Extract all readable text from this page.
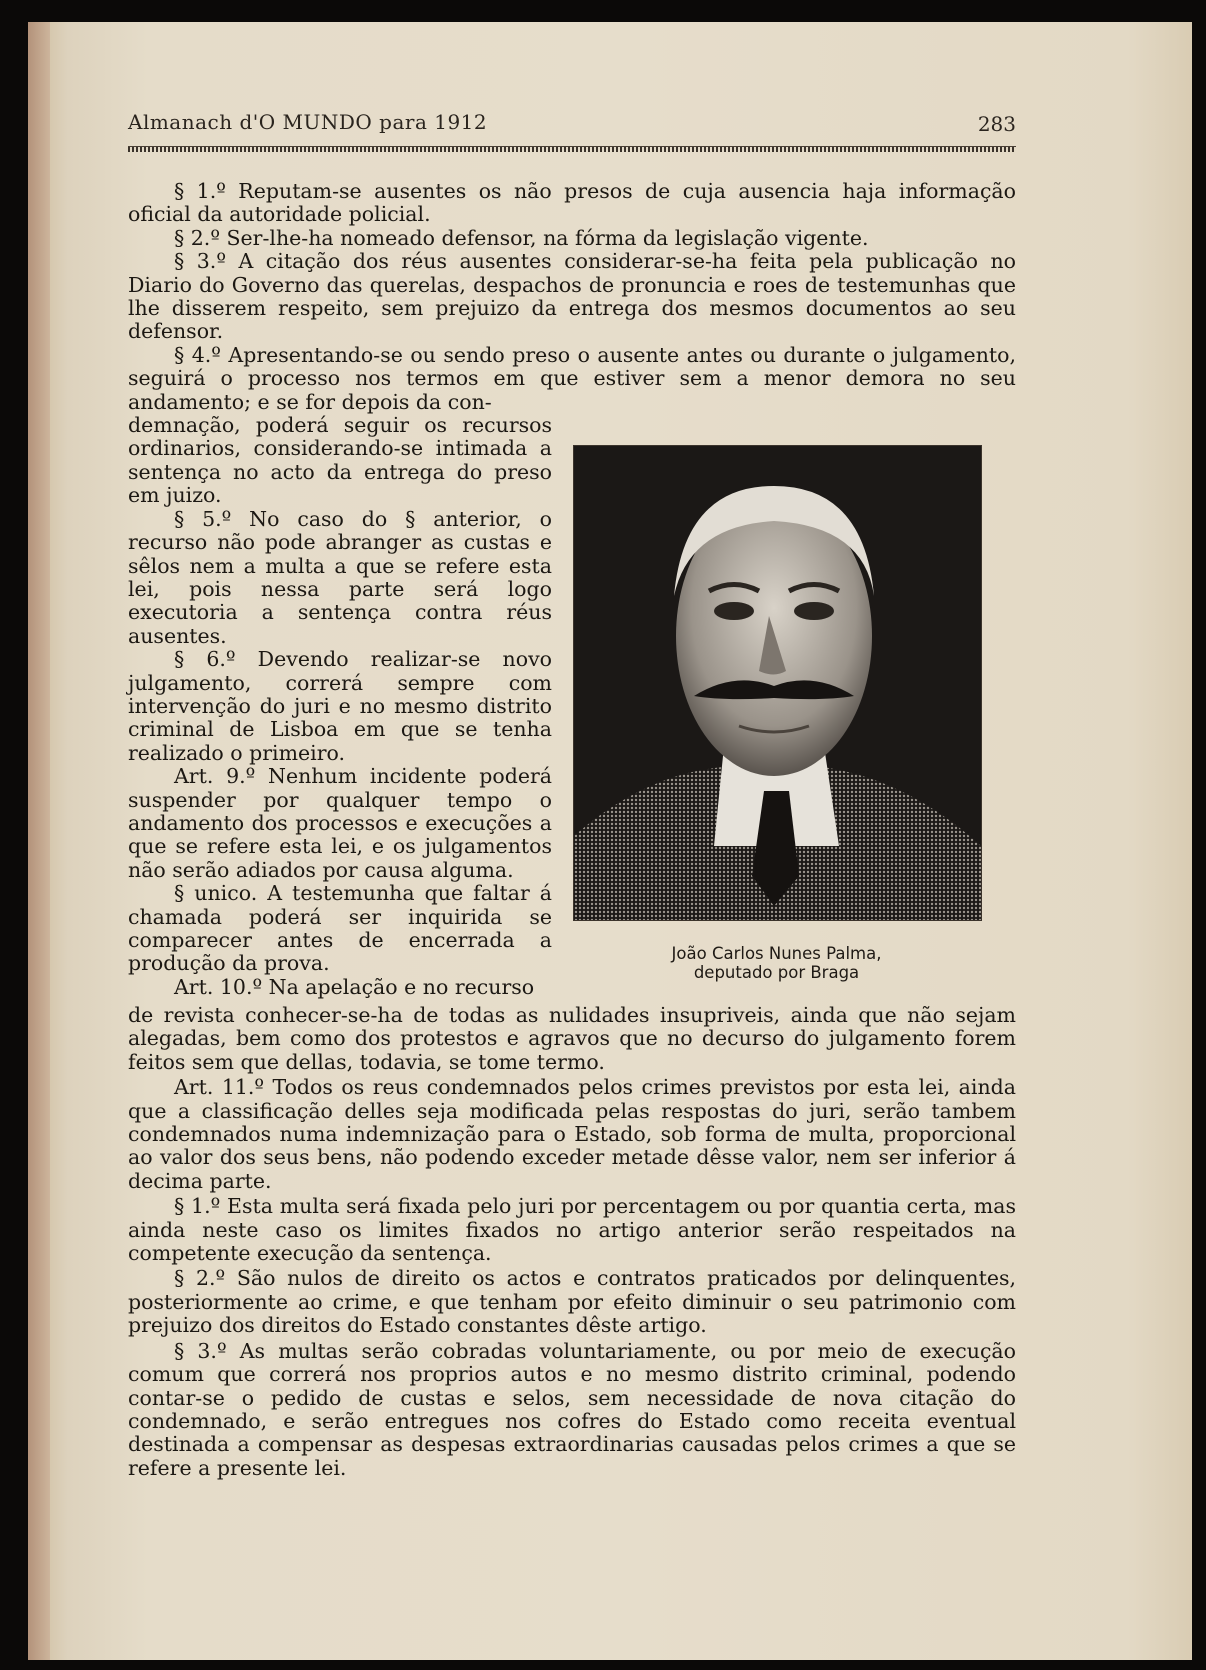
Almanach d'O MUNDO para 1912	283

§ 1.º Reputam-se ausentes os não presos de cuja ausencia haja informação oficial da autoridade policial.

§ 2.º Ser-lhe-ha nomeado defensor, na fórma da legislação vigente.

§ 3.º A citação dos réus ausentes considerar-se-ha feita pela publicação no Diario do Governo das querelas, despachos de pronuncia e roes de testemunhas que lhe disserem respeito, sem prejuizo da entrega dos mesmos documentos ao seu defensor.

§ 4.º Apresentando-se ou sendo preso o ausente antes ou durante o julgamento, seguirá o processo nos termos em que estiver sem a menor demora no seu andamento; e se for depois da con-

demnação, poderá seguir os recursos ordinarios, considerando-se intimada a sentença no acto da entrega do preso em juizo.

§ 5.º No caso do § anterior, o recurso não pode abranger as custas e sêlos nem a multa a que se refere esta lei, pois nessa parte será logo executoria a sentença contra réus ausentes.

§ 6.º Devendo realizar-se novo julgamento, correrá sempre com intervenção do juri e no mesmo distrito criminal de Lisboa em que se tenha realizado o primeiro.

Art. 9.º Nenhum incidente poderá suspender por qualquer tempo o andamento dos processos e execuções a que se refere esta lei, e os julgamentos não serão adiados por causa alguma.

§ unico. A testemunha que faltar á chamada poderá ser inquirida se comparecer antes de encerrada a produção da prova.

Art. 10.º Na apelação e no recurso

João Carlos Nunes Palma,
deputado por Braga

de revista conhecer-se-ha de todas as nulidades insupriveis, ainda que não sejam alegadas, bem como dos protestos e agravos que no decurso do julgamento forem feitos sem que dellas, todavia, se tome termo.

Art. 11.º Todos os reus condemnados pelos crimes previstos por esta lei, ainda que a classificação delles seja modificada pelas respostas do juri, serão tambem condemnados numa indemnização para o Estado, sob forma de multa, proporcional ao valor dos seus bens, não podendo exceder metade dêsse valor, nem ser inferior á decima parte.

§ 1.º Esta multa será fixada pelo juri por percentagem ou por quantia certa, mas ainda neste caso os limites fixados no artigo anterior serão respeitados na competente execução da sentença.

§ 2.º São nulos de direito os actos e contratos praticados por delinquentes, posteriormente ao crime, e que tenham por efeito diminuir o seu patrimonio com prejuizo dos direitos do Estado constantes dêste artigo.

§ 3.º As multas serão cobradas voluntariamente, ou por meio de execução comum que correrá nos proprios autos e no mesmo distrito criminal, podendo contar-se o pedido de custas e selos, sem necessidade de nova citação do condemnado, e serão entregues nos cofres do Estado como receita eventual destinada a compensar as despesas extraordinarias causadas pelos crimes a que se refere a presente lei.
